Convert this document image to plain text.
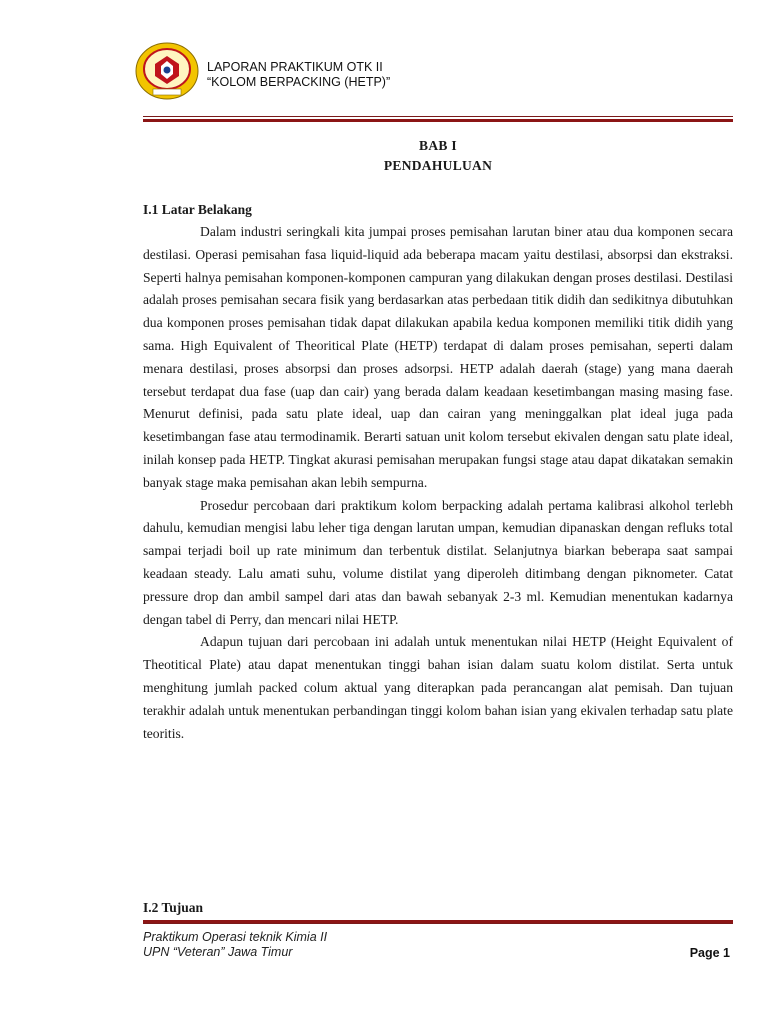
LAPORAN PRAKTIKUM OTK II
“KOLOM BERPACKING (HETP)”
BAB I
PENDAHULUAN
I.1 Latar Belakang

Dalam industri seringkali kita jumpai proses pemisahan larutan biner atau dua komponen secara destilasi. Operasi pemisahan fasa liquid-liquid ada beberapa macam yaitu destilasi, absorpsi dan ekstraksi. Seperti halnya pemisahan komponen-komponen campuran yang dilakukan dengan proses destilasi. Destilasi adalah proses pemisahan secara fisik yang berdasarkan atas perbedaan titik didih dan sedikitnya dibutuhkan dua komponen proses pemisahan tidak dapat dilakukan apabila kedua komponen memiliki titik didih yang sama. High Equivalent of Theoritical Plate (HETP) terdapat di dalam proses pemisahan, seperti dalam menara destilasi, proses absorpsi dan proses adsorpsi. HETP adalah daerah (stage) yang mana daerah tersebut terdapat dua fase (uap dan cair) yang berada dalam keadaan kesetimbangan masing masing fase. Menurut definisi, pada satu plate ideal, uap dan cairan yang meninggalkan plat ideal juga pada kesetimbangan fase atau termodinamik. Berarti satuan unit kolom tersebut ekivalen dengan satu plate ideal, inilah konsep pada HETP. Tingkat akurasi pemisahan merupakan fungsi stage atau dapat dikatakan semakin banyak stage maka pemisahan akan lebih sempurna.

Prosedur percobaan dari praktikum kolom berpacking adalah pertama kalibrasi alkohol terlebh dahulu, kemudian mengisi labu leher tiga dengan larutan umpan, kemudian dipanaskan dengan refluks total sampai terjadi boil up rate minimum dan terbentuk distilat. Selanjutnya biarkan beberapa saat sampai keadaan steady. Lalu amati suhu, volume distilat yang diperoleh ditimbang dengan piknometer. Catat pressure drop dan ambil sampel dari atas dan bawah sebanyak 2-3 ml. Kemudian menentukan kadarnya dengan tabel di Perry, dan mencari nilai HETP.

Adapun tujuan dari percobaan ini adalah untuk menentukan nilai HETP (Height Equivalent of Theotitical Plate) atau dapat menentukan tinggi bahan isian dalam suatu kolom distilat. Serta untuk menghitung jumlah packed colum aktual yang diterapkan pada perancangan alat pemisah. Dan tujuan terakhir adalah untuk menentukan perbandingan tinggi kolom bahan isian yang ekivalen terhadap satu plate teoritis.

I.2 Tujuan
Praktikum Operasi teknik Kimia II
UPN “Veteran” Jawa Timur	Page 1
